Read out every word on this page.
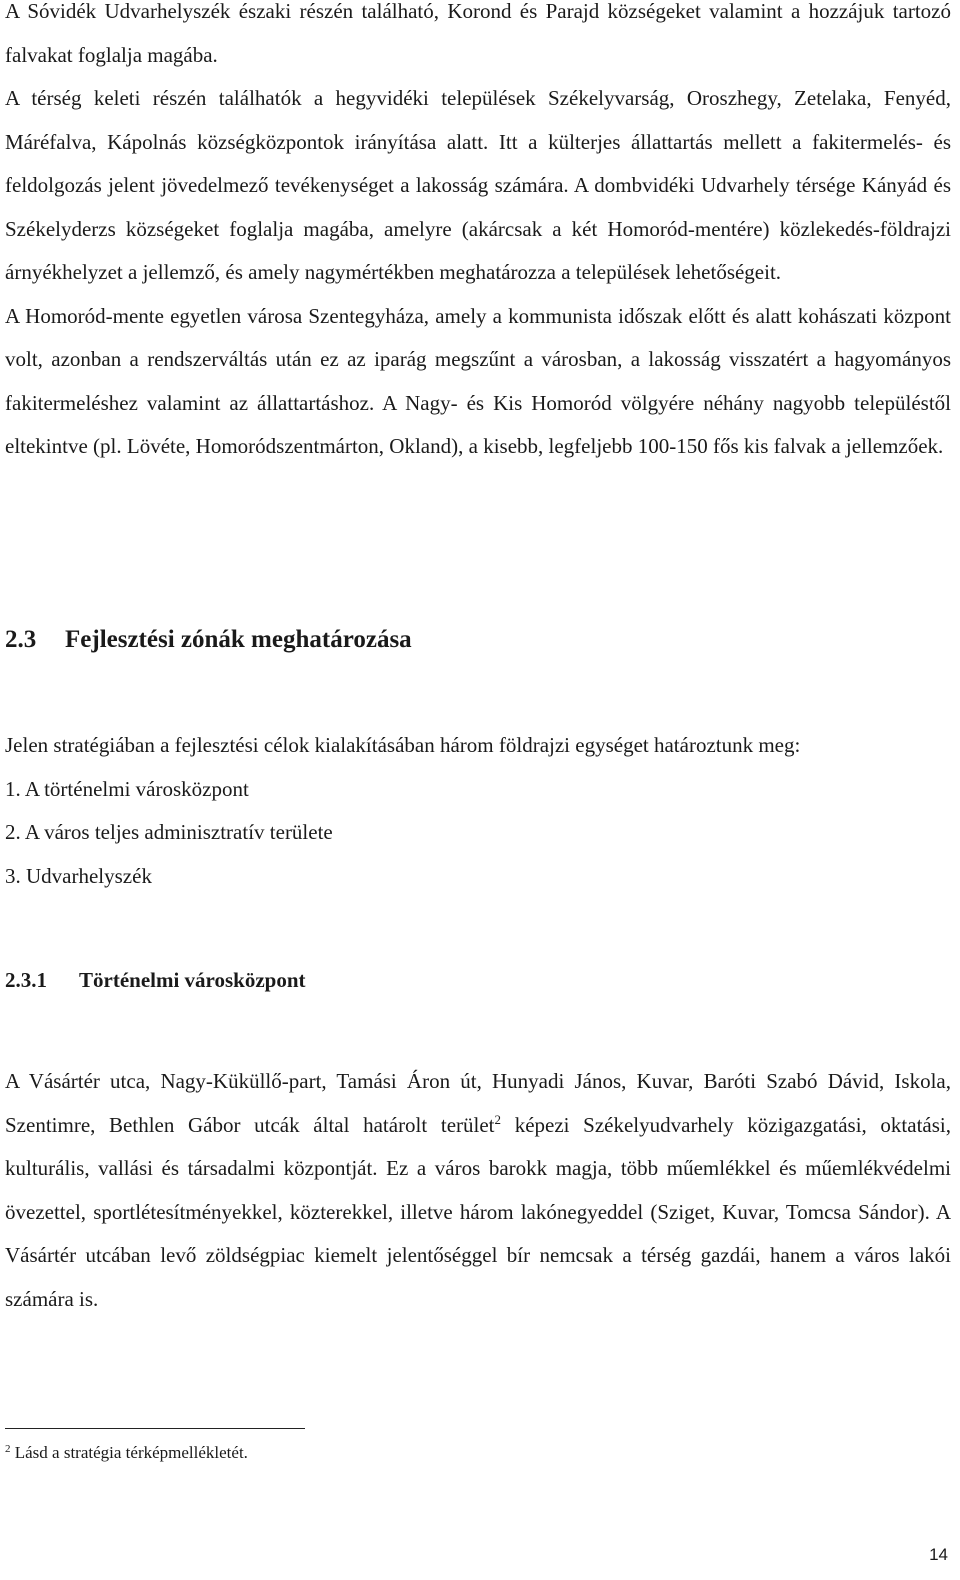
A Sóvidék Udvarhelyszék északi részén található, Korond és Parajd községeket valamint a hozzájuk tartozó falvakat foglalja magába.

A térség keleti részén találhatók a hegyvidéki települések Székelyvarság, Oroszhegy, Zetelaka, Fenyéd, Máréfalva, Kápolnás községközpontok irányítása alatt. Itt a külterjes állattartás mellett a fakitermelés- és feldolgozás jelent jövedelmező tevékenységet a lakosság számára. A dombvidéki Udvarhely térsége Kányád és Székelyderzs községeket foglalja magába, amelyre (akárcsak a két Homoród-mentére) közlekedés-földrajzi árnyékhelyzet a jellemző, és amely nagymértékben meghatározza a települések lehetőségeit.

A Homoród-mente egyetlen városa Szentegyháza, amely a kommunista időszak előtt és alatt kohászati központ volt, azonban a rendszerváltás után ez az iparág megszűnt a városban, a lakosság visszatért a hagyományos fakitermeléshez valamint az állattartáshoz. A Nagy- és Kis Homoród völgyére néhány nagyobb településtől eltekintve (pl. Lövéte, Homoródszentmárton, Okland), a kisebb, legfeljebb 100-150 fős kis falvak a jellemzőek.

2.3 Fejlesztési zónák meghatározása

Jelen stratégiában a fejlesztési célok kialakításában három földrajzi egységet határoztunk meg:

1. A történelmi városközpont

2. A város teljes adminisztratív területe

3. Udvarhelyszék

2.3.1 Történelmi városközpont

A Vásártér utca, Nagy-Küküllő-part, Tamási Áron út, Hunyadi János, Kuvar, Baróti Szabó Dávid, Iskola, Szentimre, Bethlen Gábor utcák által határolt terület$^2$ képezi Székelyudvarhely közigazgatási, oktatási, kulturális, vallási és társadalmi központját. Ez a város barokk magja, több műemlékkel és műemlékvédelmi övezettel, sportlétesítményekkel, közterekkel, illetve három lakónegyeddel (Sziget, Kuvar, Tomcsa Sándor). A Vásártér utcában levő zöldségpiac kiemelt jelentőséggel bír nemcsak a térség gazdái, hanem a város lakói számára is.

$^2$ Lásd a stratégia térképmellékletét.
14
